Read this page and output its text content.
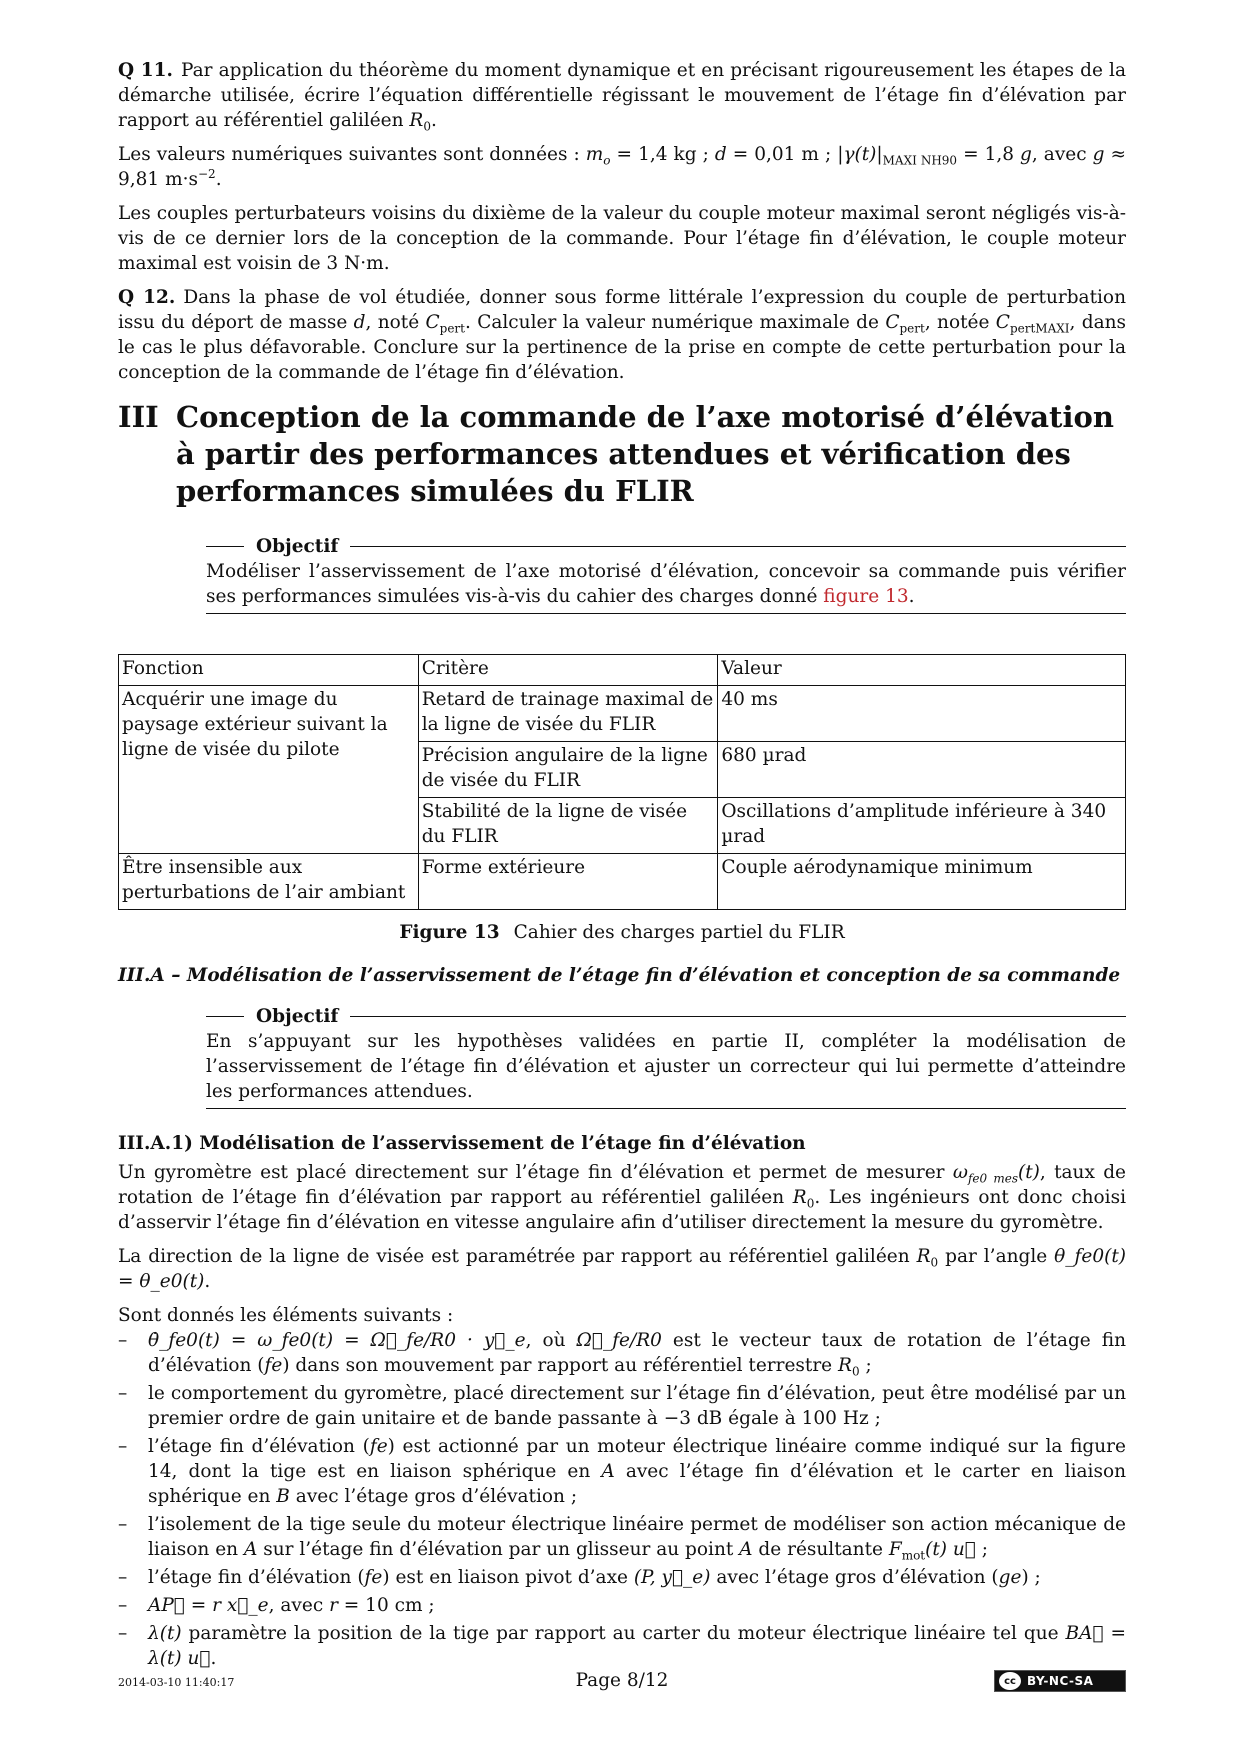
Q 11. Par application du théorème du moment dynamique et en précisant rigoureusement les étapes de la démarche utilisée, écrire l’équation différentielle régissant le mouvement de l’étage fin d’élévation par rapport au référentiel galiléen $R_0$.

Les valeurs numériques suivantes sont données : $m_o = 1,4$ kg ; d = 0,01 m ; $|\gamma(t)|_{MAXI NH90} = 1,8$ g, avec g ≈ 9,81 $m\cdot s^{-2}$.

Les couples perturbateurs voisins du dixième de la valeur du couple moteur maximal seront négligés vis-à-vis de ce dernier lors de la conception de la commande. Pour l’étage fin d’élévation, le couple moteur maximal est voisin de 3 N·m.

Q 12. Dans la phase de vol étudiée, donner sous forme littérale l’expression du couple de perturbation issu du déport de masse d, noté $C_{pert}$. Calculer la valeur numérique maximale de $C_{pert}$, notée $C_{pertMAXI}$, dans le cas le plus défavorable. Conclure sur la pertinence de la prise en compte de cette perturbation pour la conception de la commande de l’étage fin d’élévation.

III Conception de la commande de l’axe motorisé d’élévation à partir des performances attendues et vérification des performances simulées du FLIR
Objectif
Modéliser l’asservissement de l’axe motorisé d’élévation, concevoir sa commande puis vérifier ses performances simulées vis-à-vis du cahier des charges donné figure 13.
Fonction	Critère	Valeur
Acquérir une image du paysage extérieur suivant la ligne de visée du pilote	Retard de trainage maximal de la ligne de visée du FLIR	40 ms
	Précision angulaire de la ligne de visée du FLIR	680 µrad
	Stabilité de la ligne de visée du FLIR	Oscillations d’amplitude inférieure à 340 µrad
Être insensible aux perturbations de l’air ambiant	Forme extérieure	Couple aérodynamique minimum
Figure 13 Cahier des charges partiel du FLIR
III.A – Modélisation de l’asservissement de l’étage fin d’élévation et conception de sa commande
Objectif
En s’appuyant sur les hypothèses validées en partie II, compléter la modélisation de l’asservissement de l’étage fin d’élévation et ajuster un correcteur qui lui permette d’atteindre les performances attendues.
III.A.1) Modélisation de l’asservissement de l’étage fin d’élévation

Un gyromètre est placé directement sur l’étage fin d’élévation et permet de mesurer $\omega_{fe0 mes}(t)$, taux de rotation de l’étage fin d’élévation par rapport au référentiel galiléen $R_0$. Les ingénieurs ont donc choisi d’asservir l’étage fin d’élévation en vitesse angulaire afin d’utiliser directement la mesure du gyromètre.

La direction de la ligne de visée est paramétrée par rapport au référentiel galiléen $R_0$ par l’angle θ_fe0(t) = θ_e0(t).

Sont donnés les éléments suivants :
– θ̇_fe0(t) = ω_fe0(t) = Ω⃗_fe/R0 · y⃗_e, où Ω⃗_fe/R0 est le vecteur taux de rotation de l’étage fin d’élévation (fe) dans son mouvement par rapport au référentiel terrestre $R_0$ ;
– le comportement du gyromètre, placé directement sur l’étage fin d’élévation, peut être modélisé par un premier ordre de gain unitaire et de bande passante à −3 dB égale à 100 Hz ;
– l’étage fin d’élévation (fe) est actionné par un moteur électrique linéaire comme indiqué sur la figure 14, dont la tige est en liaison sphérique en A avec l’étage fin d’élévation et le carter en liaison sphérique en B avec l’étage gros d’élévation ;
– l’isolement de la tige seule du moteur électrique linéaire permet de modéliser son action mécanique de liaison en A sur l’étage fin d’élévation par un glisseur au point A de résultante $F_{mot}(t)$ u⃗ ;
– l’étage fin d’élévation (fe) est en liaison pivot d’axe (P, y⃗_e) avec l’étage gros d’élévation (ge) ;
– AP⃗ = r x⃗_e, avec r = 10 cm ;
– λ(t) paramètre la position de la tige par rapport au carter du moteur électrique linéaire tel que BA⃗ = λ(t) u⃗.
2014-03-10 11:40:17	Page 8/12	cc BY-NC-SA
